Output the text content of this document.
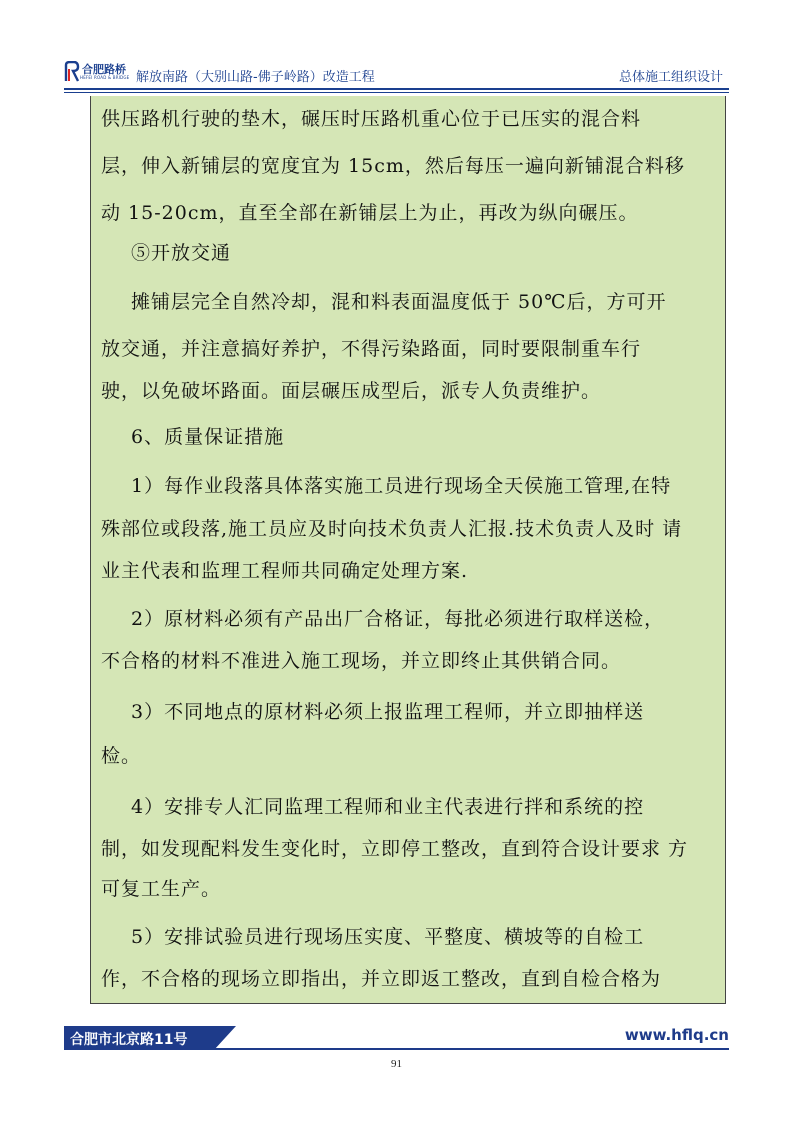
合肥路桥
HEFEI ROAD & BRIDGE 解放南路（大别山路-佛子岭路）改造工程	总体施工组织设计

供压路机行驶的垫木，碾压时压路机重心位于已压实的混合料

层，伸入新铺层的宽度宜为 15cm，然后每压一遍向新铺混合料移

动 15-20cm，直至全部在新铺层上为止，再改为纵向碾压。

⑤开放交通

摊铺层完全自然冷却，混和料表面温度低于 50℃后，方可开

放交通，并注意搞好养护，不得污染路面，同时要限制重车行

驶，以免破坏路面。面层碾压成型后，派专人负责维护。

6、质量保证措施

1）每作业段落具体落实施工员进行现场全天侯施工管理,在特

殊部位或段落,施工员应及时向技术负责人汇报.技术负责人及时 请

业主代表和监理工程师共同确定处理方案.

2）原材料必须有产品出厂合格证，每批必须进行取样送检，

不合格的材料不准进入施工现场，并立即终止其供销合同。

3）不同地点的原材料必须上报监理工程师，并立即抽样送

检。

4）安排专人汇同监理工程师和业主代表进行拌和系统的控

制，如发现配料发生变化时，立即停工整改，直到符合设计要求 方

可复工生产。

5）安排试验员进行现场压实度、平整度、横坡等的自检工

作，不合格的现场立即指出，并立即返工整改，直到自检合格为

合肥市北京路11号	www.hflq.cn
91
